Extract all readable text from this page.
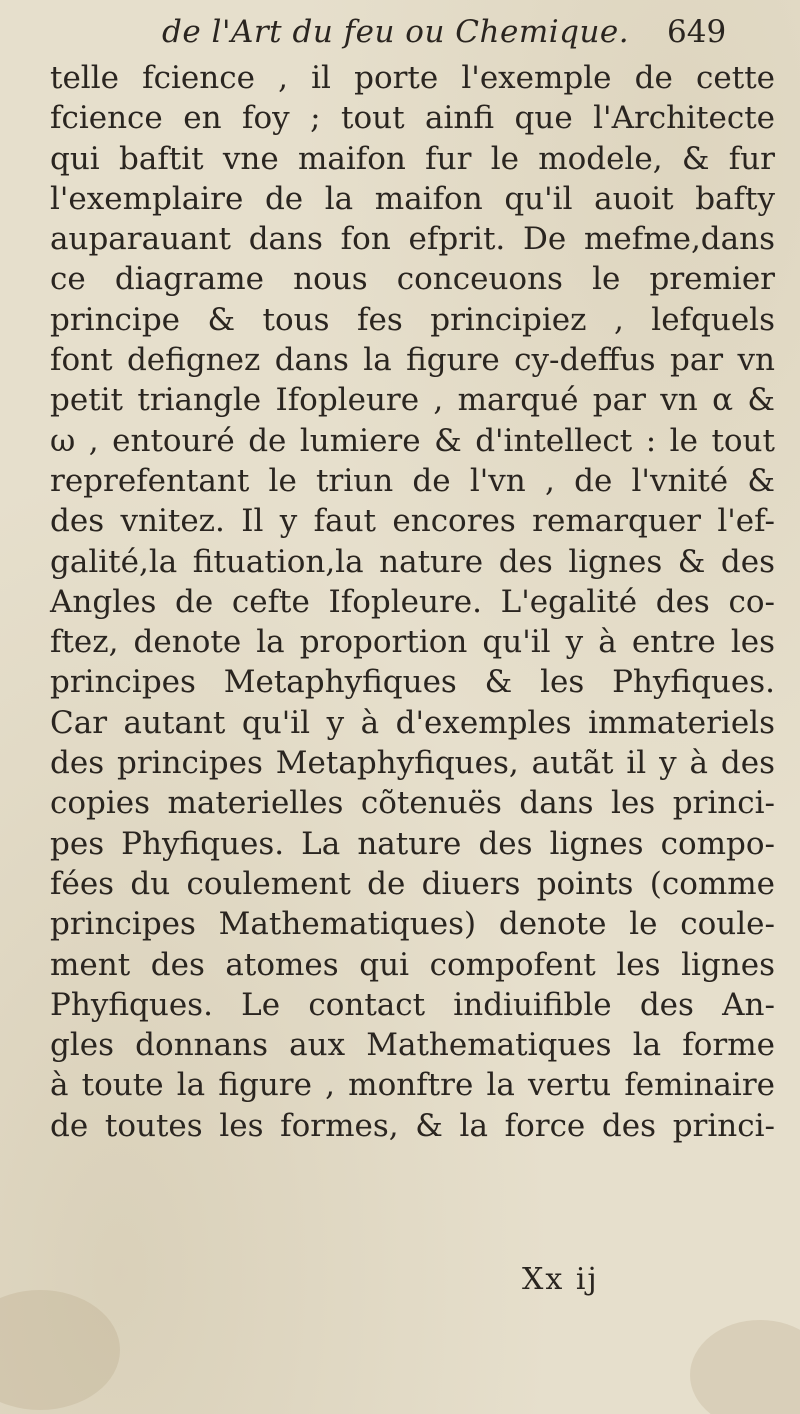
de l'Art du feu ou Chemique. 649
telle fcience , il porte l'exemple de cette
fcience en foy ; tout ainfi que l'Architecte
qui baftit vne maifon fur le modele, & fur
l'exemplaire de la maifon qu'il auoit bafty
auparauant dans fon efprit. De mefme,dans
ce diagrame nous conceuons le premier
principe & tous fes principiez , lefquels
font defignez dans la figure cy-deffus par vn
petit triangle Ifopleure , marqué par vn α &
ω , entouré de lumiere & d'intellect : le tout
reprefentant le triun de l'vn , de l'vnité &
des vnitez. Il y faut encores remarquer l'ef-
galité,la fituation,la nature des lignes & des
Angles de cefte Ifopleure. L'egalité des co-
ftez, denote la proportion qu'il y à entre les
principes Metaphyfiques & les Phyfiques.
Car autant qu'il y à d'exemples immateriels
des principes Metaphyfiques, autãt il y à des
copies materielles cõtenuës dans les princi-
pes Phyfiques. La nature des lignes compo-
fées du coulement de diuers points (comme
principes Mathematiques) denote le coule-
ment des atomes qui compofent les lignes
Phyfiques. Le contact indiuifible des An-
gles donnans aux Mathematiques la forme
à toute la figure , monftre la vertu feminaire
de toutes les formes, & la force des princi-
Xx ij
